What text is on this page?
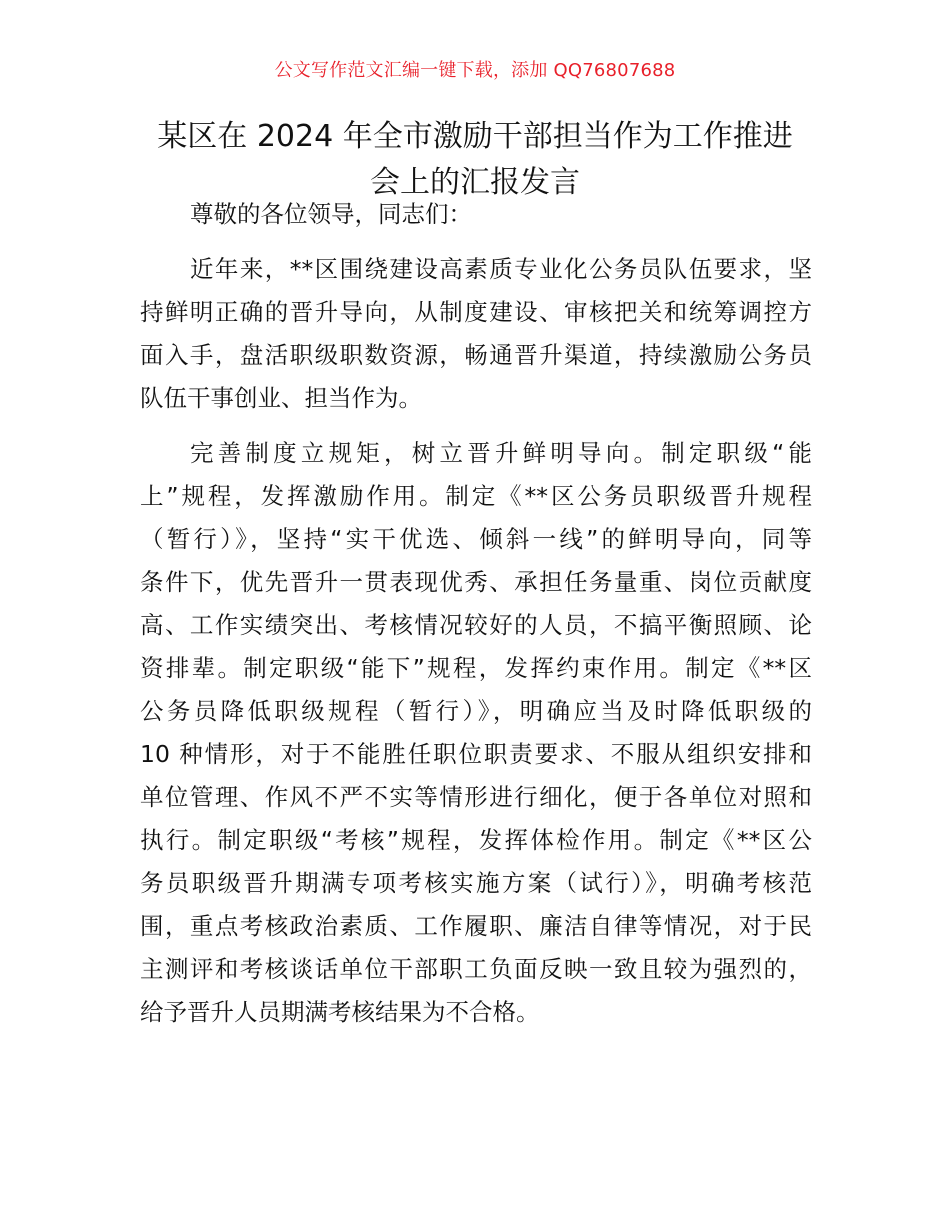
公文写作范文汇编一键下载，添加 QQ76807688
某区在 2024 年全市激励干部担当作为工作推进
会上的汇报发言
尊敬的各位领导，同志们：
近年来，**区围绕建设高素质专业化公务员队伍要求，坚
持鲜明正确的晋升导向，从制度建设、审核把关和统筹调控方
面入手，盘活职级职数资源，畅通晋升渠道，持续激励公务员
队伍干事创业、担当作为。
完善制度立规矩，树立晋升鲜明导向。制定职级“能
上”规程，发挥激励作用。制定《**区公务员职级晋升规程
（暂行）》，坚持“实干优选、倾斜一线”的鲜明导向，同等
条件下，优先晋升一贯表现优秀、承担任务量重、岗位贡献度
高、工作实绩突出、考核情况较好的人员，不搞平衡照顾、论
资排辈。制定职级“能下”规程，发挥约束作用。制定《**区
公务员降低职级规程（暂行）》，明确应当及时降低职级的
10 种情形，对于不能胜任职位职责要求、不服从组织安排和
单位管理、作风不严不实等情形进行细化，便于各单位对照和
执行。制定职级“考核”规程，发挥体检作用。制定《**区公
务员职级晋升期满专项考核实施方案（试行）》，明确考核范
围，重点考核政治素质、工作履职、廉洁自律等情况，对于民
主测评和考核谈话单位干部职工负面反映一致且较为强烈的，
给予晋升人员期满考核结果为不合格。
